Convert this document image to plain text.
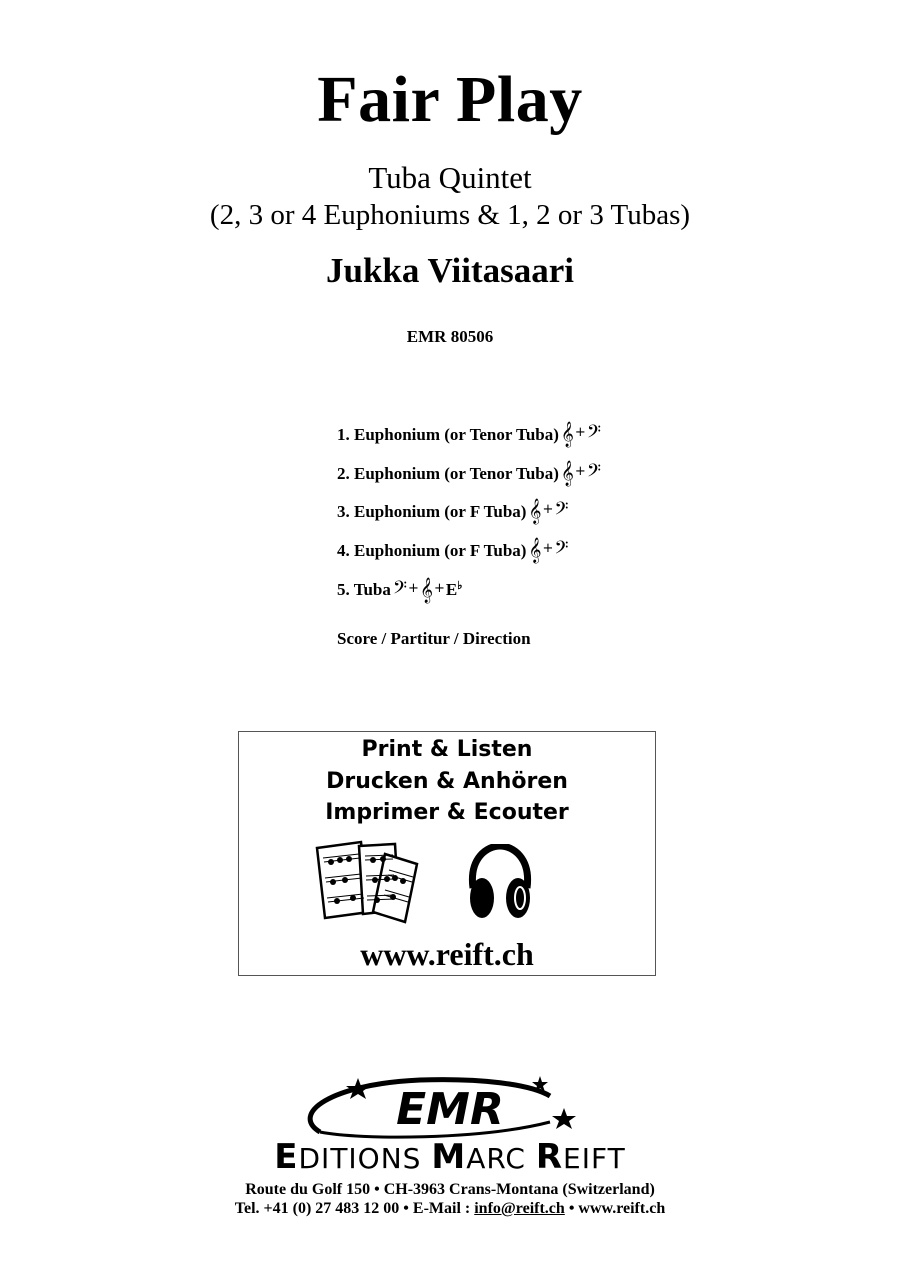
Fair Play
Tuba Quintet
(2, 3 or 4 Euphoniums & 1, 2 or 3 Tubas)
Jukka Viitasaari
EMR 80506
1. Euphonium (or Tenor Tuba) 𝄞 + 𝄢
2. Euphonium (or Tenor Tuba) 𝄞 + 𝄢
3. Euphonium (or F Tuba) 𝄞 + 𝄢
4. Euphonium (or F Tuba) 𝄞 + 𝄢
5. Tuba 𝄢 + 𝄞 + E♭
Score / Partitur / Direction
Print & Listen
Drucken & Anhören
Imprimer & Ecouter
www.reift.ch
EMR
EDITIONS MARC REIFT
Route du Golf 150 • CH-3963 Crans-Montana (Switzerland)
Tel. +41 (0) 27 483 12 00 • E-Mail : info@reift.ch • www.reift.ch
